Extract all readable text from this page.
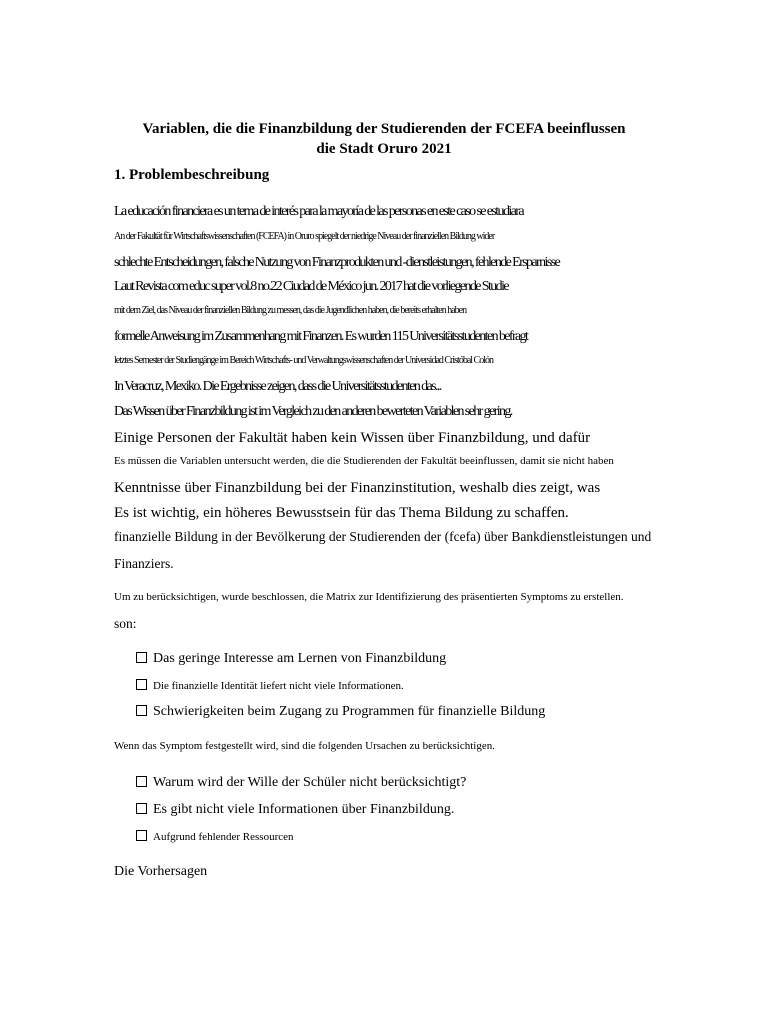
Variablen, die die Finanzbildung der Studierenden der FCEFA beeinflussen
die Stadt Oruro 2021
1. Problembeschreibung
La educación financiera es un tema de interés para la mayoría de las personas en este caso se estudiara
An der Fakultät für Wirtschaftswissenschaften (FCEFA) in Oruro spiegelt der niedrige Niveau der finanziellen Bildung wider
schlechte Entscheidungen, falsche Nutzung von Finanzprodukten und -dienstleistungen, fehlende Ersparnisse
Laut Revista com educ super vol.8 no.22 Ciudad de México jun. 2017 hat die vorliegende Studie
mit dem Ziel, das Niveau der finanziellen Bildung zu messen, das die Jugendlichen haben, die bereits erhalten haben
formelle Anweisung im Zusammenhang mit Finanzen. Es wurden 115 Universitätsstudenten befragt
letztes Semester der Studiengänge im Bereich Wirtschafts- und Verwaltungswissenschaften der Universidad Cristóbal Colón
In Veracruz, Mexiko. Die Ergebnisse zeigen, dass die Universitätsstudenten das...
Das Wissen über Finanzbildung ist im Vergleich zu den anderen bewerteten Variablen sehr gering.
Einige Personen der Fakultät haben kein Wissen über Finanzbildung, und dafür
Es müssen die Variablen untersucht werden, die die Studierenden der Fakultät beeinflussen, damit sie nicht haben
Kenntnisse über Finanzbildung bei der Finanzinstitution, weshalb dies zeigt, was
Es ist wichtig, ein höheres Bewusstsein für das Thema Bildung zu schaffen.
finanzielle Bildung in der Bevölkerung der Studierenden der (fcefa) über Bankdienstleistungen und
Finanziers.
Um zu berücksichtigen, wurde beschlossen, die Matrix zur Identifizierung des präsentierten Symptoms zu erstellen.
son:
Das geringe Interesse am Lernen von Finanzbildung
Die finanzielle Identität liefert nicht viele Informationen.
Schwierigkeiten beim Zugang zu Programmen für finanzielle Bildung
Wenn das Symptom festgestellt wird, sind die folgenden Ursachen zu berücksichtigen.
Warum wird der Wille der Schüler nicht berücksichtigt?
Es gibt nicht viele Informationen über Finanzbildung.
Aufgrund fehlender Ressourcen
Die Vorhersagen
